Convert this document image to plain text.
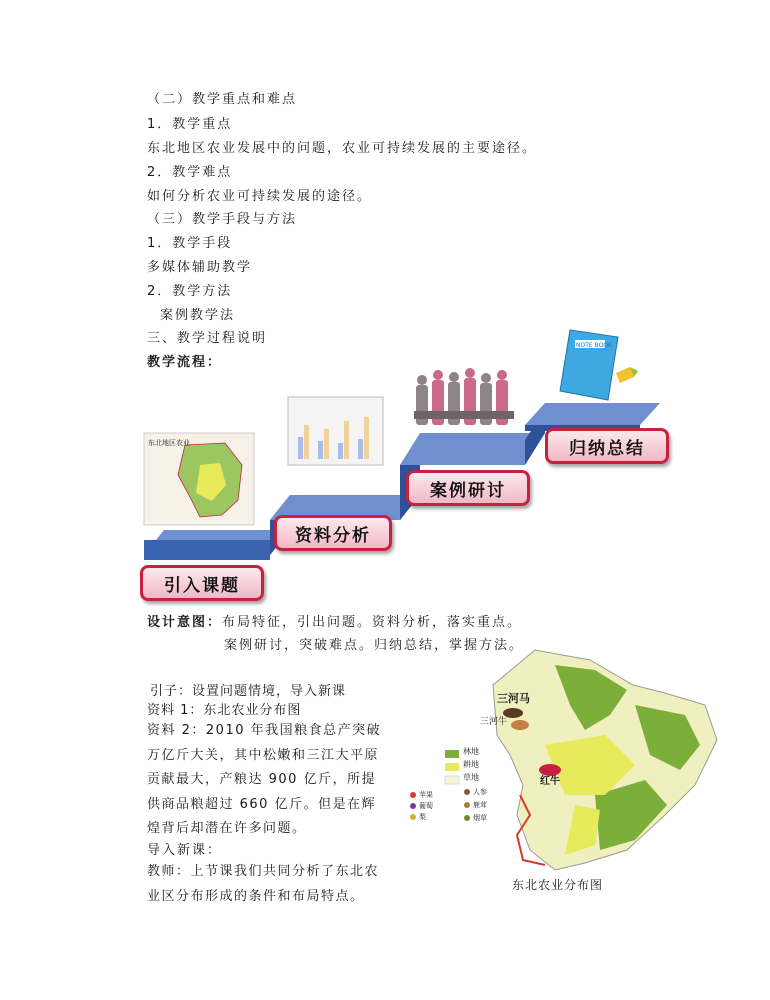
（二）教学重点和难点
1．教学重点
东北地区农业发展中的问题，农业可持续发展的主要途径。
2．教学难点
如何分析农业可持续发展的途径。
（三）教学手段与方法
1．教学手段
多媒体辅助教学
2．教学方法
案例教学法
三、教学过程说明
教学流程：
东北地区农业
NOTE BOOK
引入课题
资料分析
案例研讨
归纳总结
设计意图：布局特征，引出问题。资料分析，落实重点。
案例研讨，突破难点。归纳总结，掌握方法。
引子：设置问题情境，导入新课
资料 1：东北农业分布图
资料 2：2010 年我国粮食总产突破万亿斤大关，其中松嫩和三江大平原贡献最大，产粮达 900 亿斤，所提供商品粮超过 660 亿斤。但是在辉煌背后却潜在许多问题。
导入新课：
教师：上节课我们共同分析了东北农业区分布形成的条件和布局特点。
三河马
三河牛
红牛
林地
耕地
草地
苹果
葡萄
梨
人参
鹿茸
烟草
东北农业分布图
